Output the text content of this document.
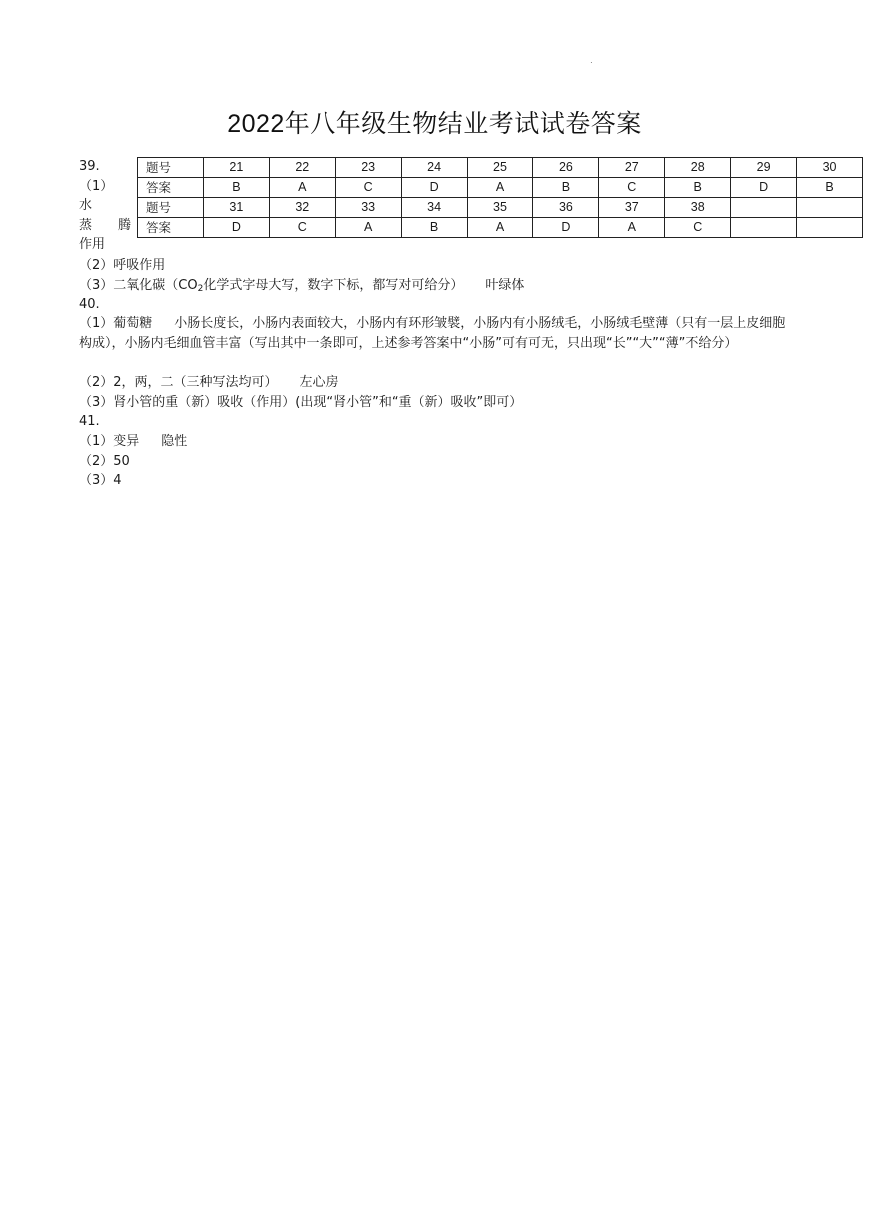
·
2022年八年级生物结业考试试卷答案
39.
（1）
水
蒸 腾
作用
题号	21	22	23	24	25	26	27	28	29	30
答案	B	A	C	D	A	B	C	B	D	B
题号	31	32	33	34	35	36	37	38		
答案	D	C	A	B	A	D	A	C		
（2）呼吸作用
（3）二氧化碳（$CO_2$化学式字母大写，数字下标，都写对可给分） 叶绿体
40.
（1）葡萄糖 小肠长度长，小肠内表面较大，小肠内有环形皱襞，小肠内有小肠绒毛，小肠绒毛壁薄（只有一层上皮细胞构成），小肠内毛细血管丰富（写出其中一条即可，上述参考答案中“小肠”可有可无，只出现“长”“大”“薄”不给分）
（2）2，两，二（三种写法均可） 左心房
（3）肾小管的重（新）吸收（作用）(出现“肾小管”和“重（新）吸收”即可）
41.
（1）变异 隐性
（2）50
（3）4
